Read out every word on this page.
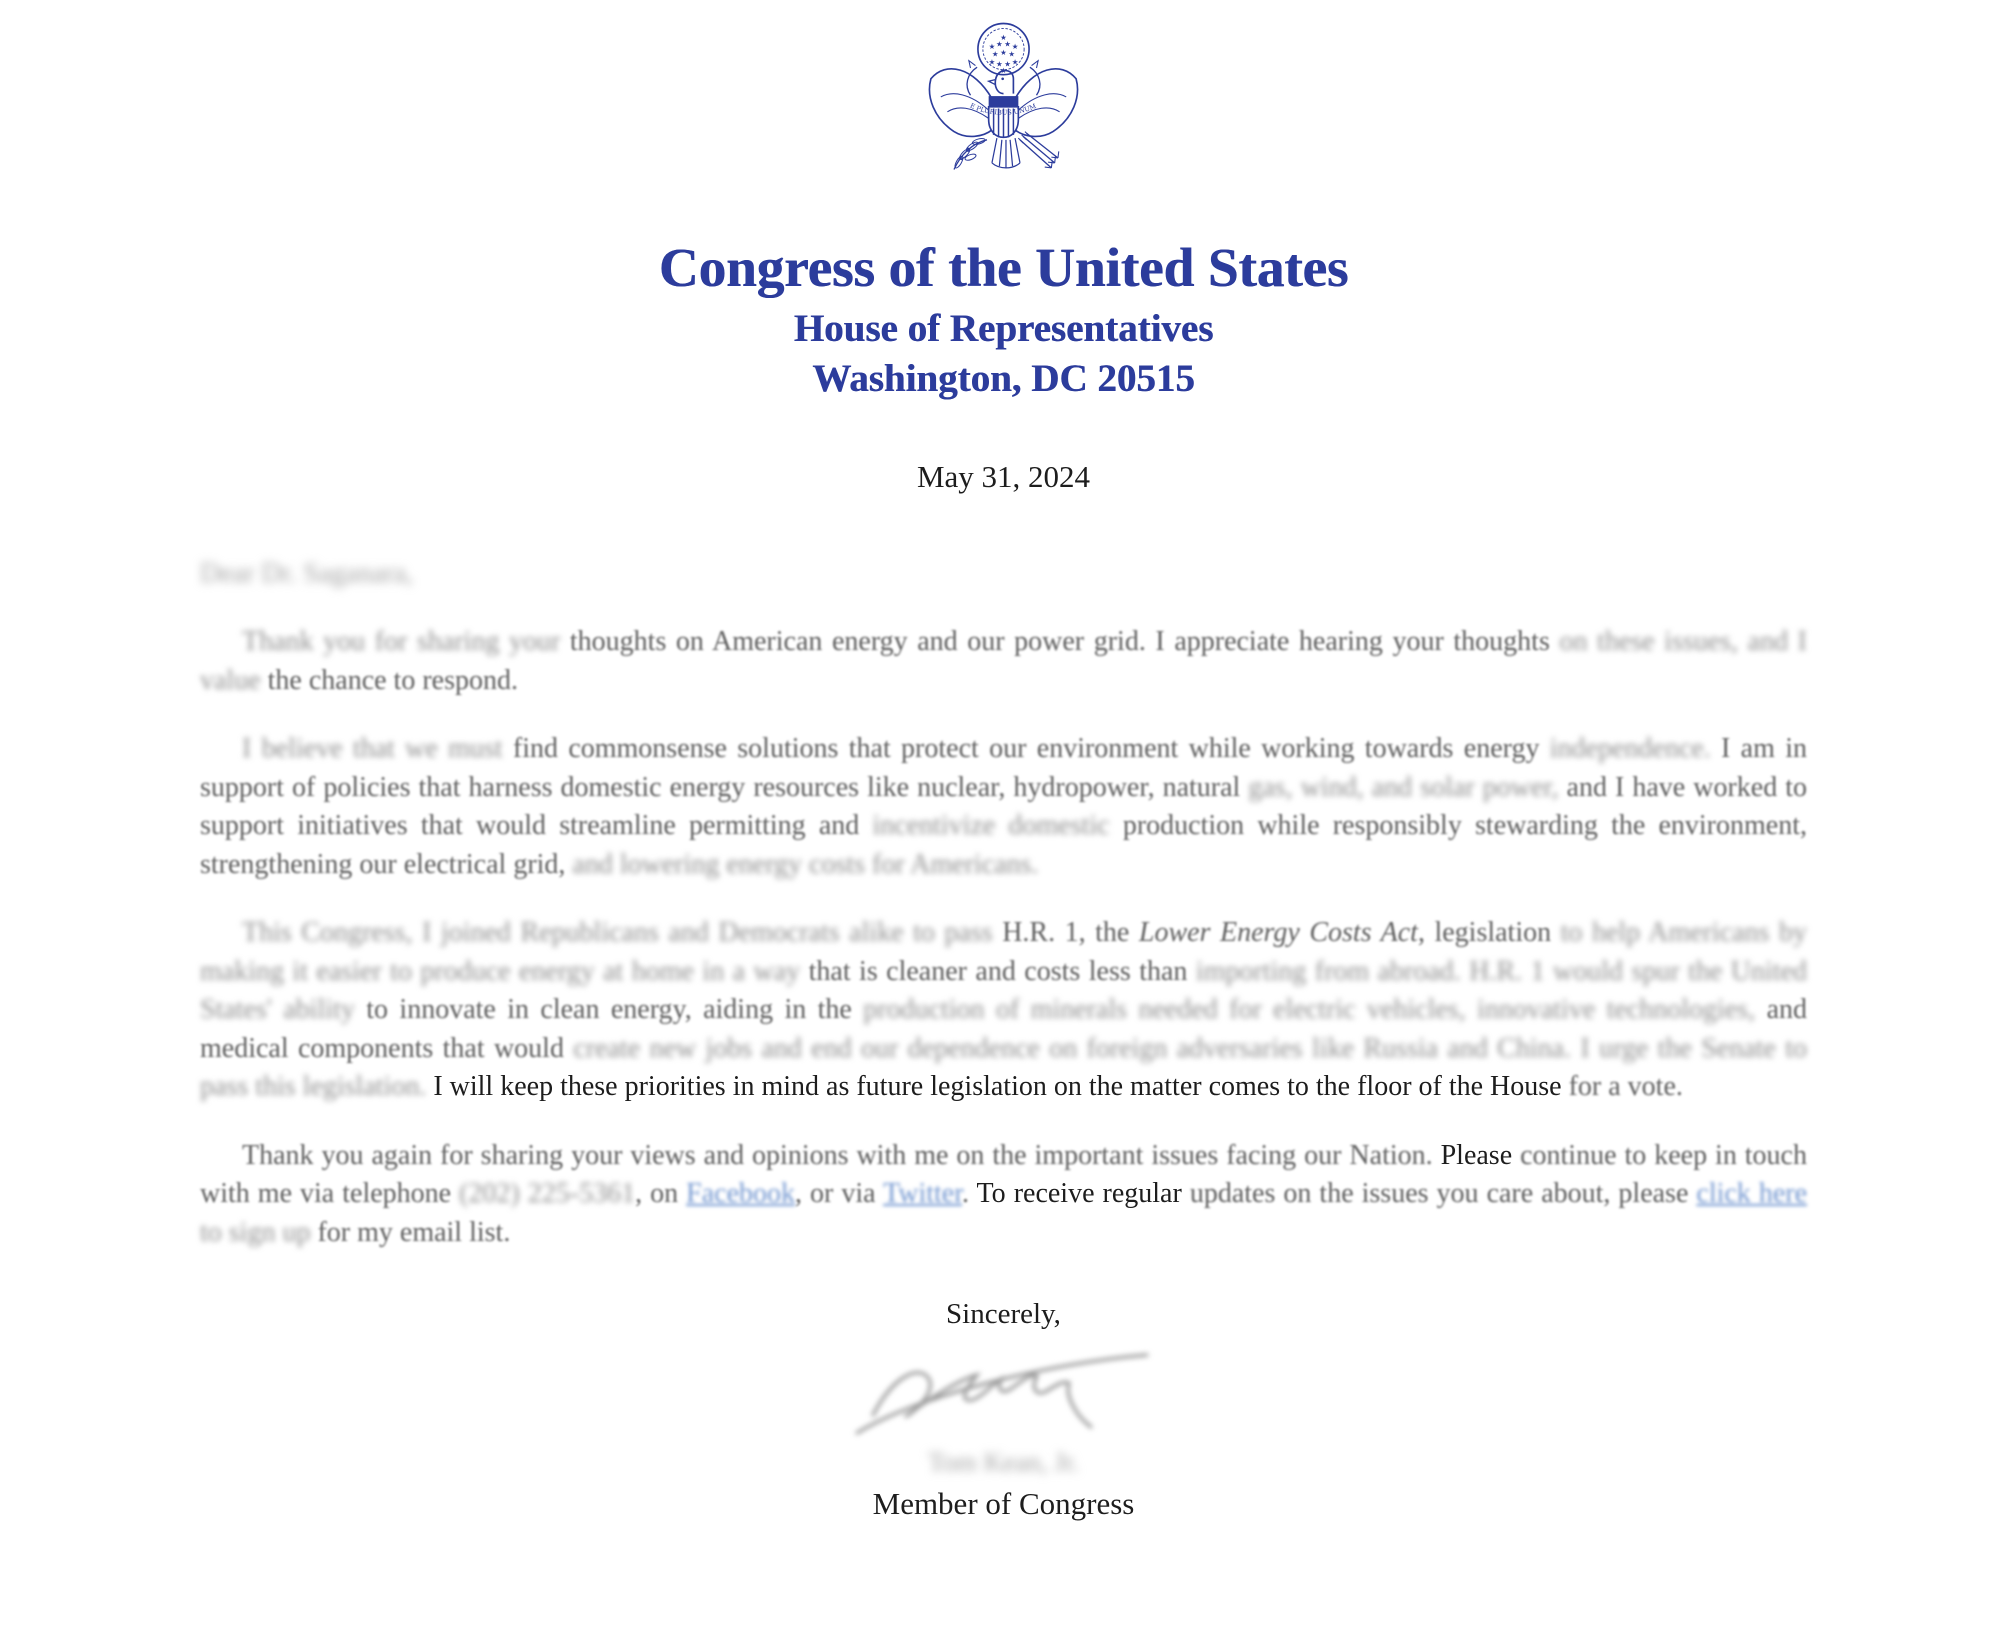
★
★ ★ ★ ★
★ ★ ★
★ ★ ★ ★
★
E PLURIBUS UNUM
Congress of the United States
House of Representatives
Washington, DC 20515
May 31, 2024

Dear Dr. Saganara,

Thank you for sharing your thoughts on American energy and our power grid. I appreciate hearing your thoughts on these issues, and I value the chance to respond.

I believe that we must find commonsense solutions that protect our environment while working towards energy independence. I am in support of policies that harness domestic energy resources like nuclear, hydropower, natural gas, wind, and solar power, and I have worked to support initiatives that would streamline permitting and incentivize domestic production while responsibly stewarding the environment, strengthening our electrical grid, and lowering energy costs for Americans.

This Congress, I joined Republicans and Democrats alike to pass H.R. 1, the Lower Energy Costs Act, legislation to help Americans by making it easier to produce energy at home in a way that is cleaner and costs less than importing from abroad. H.R. 1 would spur the United States' ability to innovate in clean energy, aiding in the production of minerals needed for electric vehicles, innovative technologies, and medical components that would create new jobs and end our dependence on foreign adversaries like Russia and China. I urge the Senate to pass this legislation. I will keep these priorities in mind as future legislation on the matter comes to the floor of the House for a vote.

Thank you again for sharing your views and opinions with me on the important issues facing our Nation. Please continue to keep in touch with me via telephone (202) 225-5361, on Facebook, or via Twitter. To receive regular updates on the issues you care about, please click here to sign up for my email list.

Sincerely,
Tom Kean, Jr.
Member of Congress
